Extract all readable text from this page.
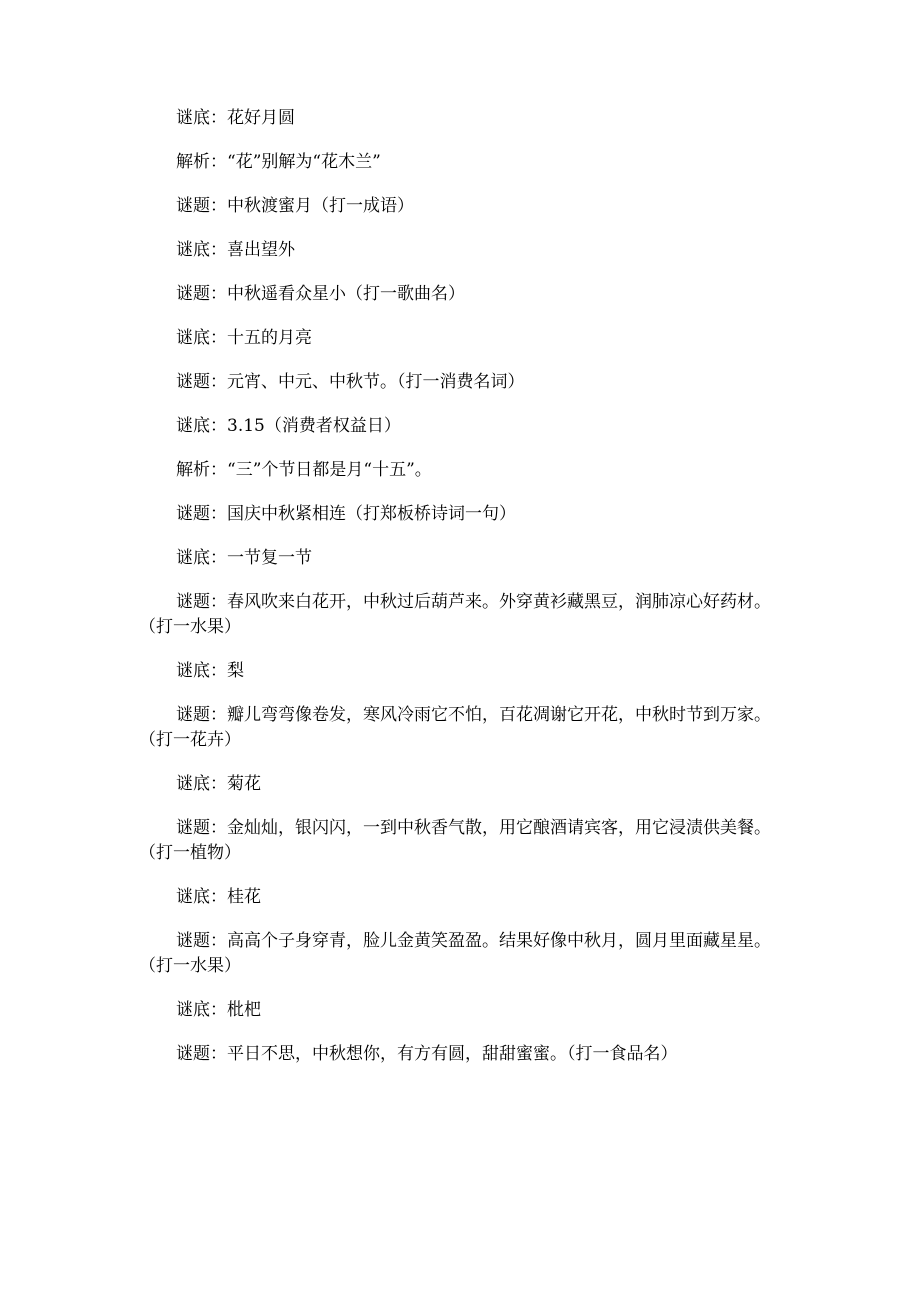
谜底：花好月圆

解析：“花”别解为“花木兰”

谜题：中秋渡蜜月（打一成语）

谜底：喜出望外

谜题：中秋遥看众星小（打一歌曲名）

谜底：十五的月亮

谜题：元宵、中元、中秋节。（打一消费名词）

谜底：3.15（消费者权益日）

解析：“三”个节日都是月“十五”。

谜题：国庆中秋紧相连（打郑板桥诗词一句）

谜底：一节复一节

谜题：春风吹来白花开，中秋过后葫芦来。外穿黄衫藏黑豆，润肺凉心好药材。（打一水果）

谜底：梨

谜题：瓣儿弯弯像卷发，寒风冷雨它不怕，百花凋谢它开花，中秋时节到万家。（打一花卉）

谜底：菊花

谜题：金灿灿，银闪闪，一到中秋香气散，用它酿酒请宾客，用它浸渍供美餐。（打一植物）

谜底：桂花

谜题：高高个子身穿青，脸儿金黄笑盈盈。结果好像中秋月，圆月里面藏星星。（打一水果）

谜底：枇杷

谜题：平日不思，中秋想你，有方有圆，甜甜蜜蜜。（打一食品名）
